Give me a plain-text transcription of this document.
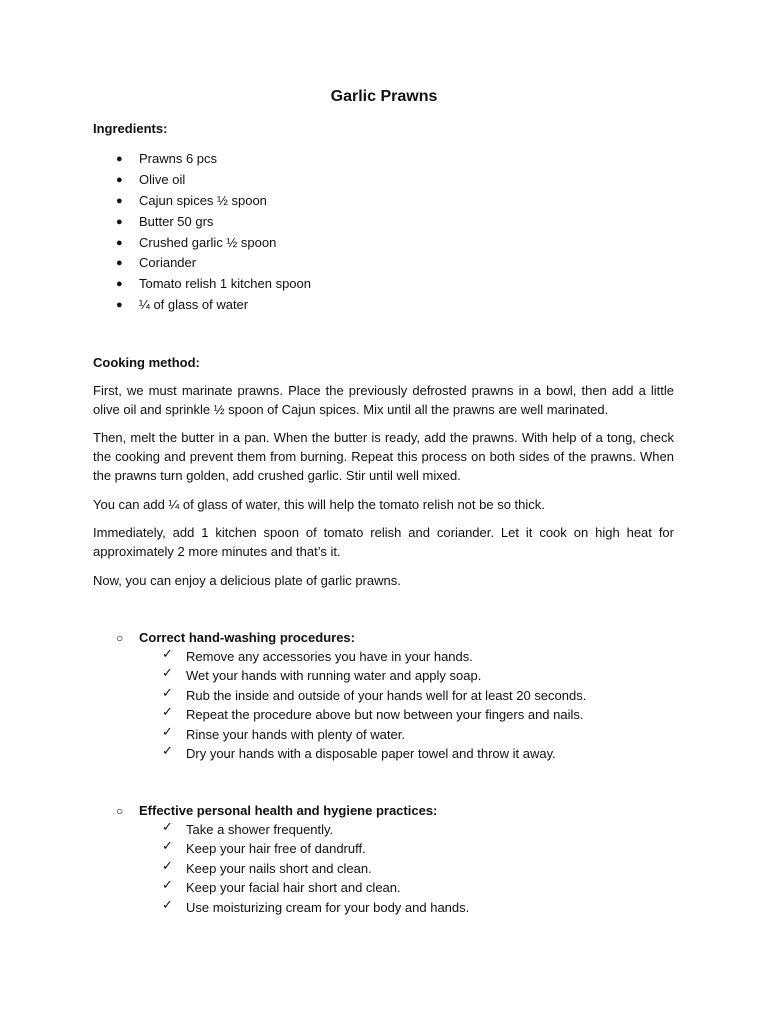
Garlic Prawns
Ingredients:
● Prawns 6 pcs
● Olive oil
● Cajun spices ½ spoon
● Butter 50 grs
● Crushed garlic ½ spoon
● Coriander
● Tomato relish 1 kitchen spoon
● ¼ of glass of water
Cooking method:

First, we must marinate prawns. Place the previously defrosted prawns in a bowl, then add a little olive oil and sprinkle ½ spoon of Cajun spices. Mix until all the prawns are well marinated.

Then, melt the butter in a pan. When the butter is ready, add the prawns. With help of a tong, check the cooking and prevent them from burning. Repeat this process on both sides of the prawns. When the prawns turn golden, add crushed garlic. Stir until well mixed.

You can add ¼ of glass of water, this will help the tomato relish not be so thick.

Immediately, add 1 kitchen spoon of tomato relish and coriander. Let it cook on high heat for approximately 2 more minutes and that’s it.

Now, you can enjoy a delicious plate of garlic prawns.

○ Correct hand-washing procedures:
✓ Remove any accessories you have in your hands.
✓ Wet your hands with running water and apply soap.
✓ Rub the inside and outside of your hands well for at least 20 seconds.
✓ Repeat the procedure above but now between your fingers and nails.
✓ Rinse your hands with plenty of water.
✓ Dry your hands with a disposable paper towel and throw it away.
○ Effective personal health and hygiene practices:
✓ Take a shower frequently.
✓ Keep your hair free of dandruff.
✓ Keep your nails short and clean.
✓ Keep your facial hair short and clean.
✓ Use moisturizing cream for your body and hands.
